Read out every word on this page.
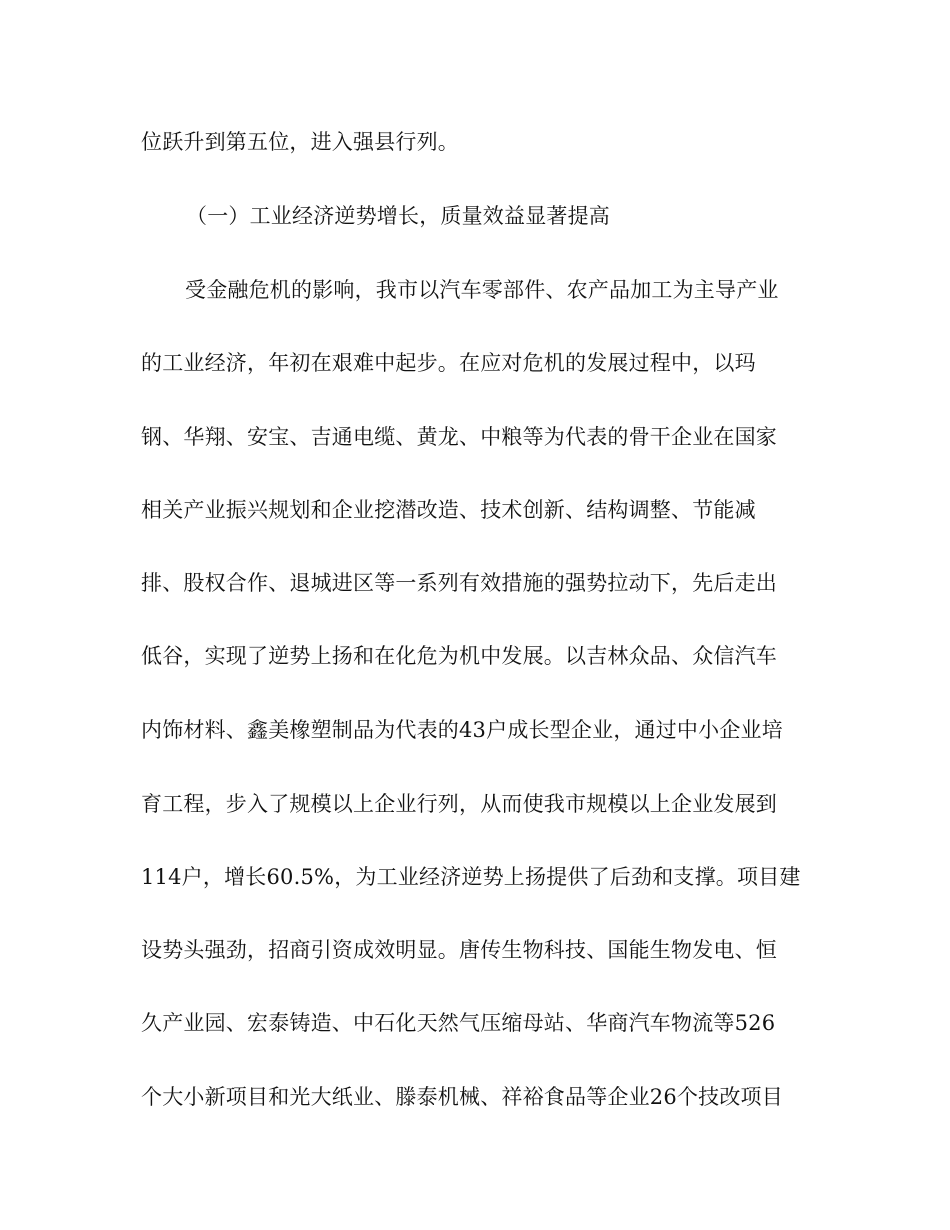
位跃升到第五位，进入强县行列。
（一）工业经济逆势增长，质量效益显著提高
受金融危机的影响，我市以汽车零部件、农产品加工为主导产业
的工业经济，年初在艰难中起步。在应对危机的发展过程中，以玛
钢、华翔、安宝、吉通电缆、黄龙、中粮等为代表的骨干企业在国家
相关产业振兴规划和企业挖潜改造、技术创新、结构调整、节能减
排、股权合作、退城进区等一系列有效措施的强势拉动下，先后走出
低谷，实现了逆势上扬和在化危为机中发展。以吉林众品、众信汽车
内饰材料、鑫美橡塑制品为代表的43户成长型企业，通过中小企业培
育工程，步入了规模以上企业行列，从而使我市规模以上企业发展到
114户，增长60.5%，为工业经济逆势上扬提供了后劲和支撑。项目建
设势头强劲，招商引资成效明显。唐传生物科技、国能生物发电、恒
久产业园、宏泰铸造、中石化天然气压缩母站、华商汽车物流等526
个大小新项目和光大纸业、滕泰机械、祥裕食品等企业26个技改项目
